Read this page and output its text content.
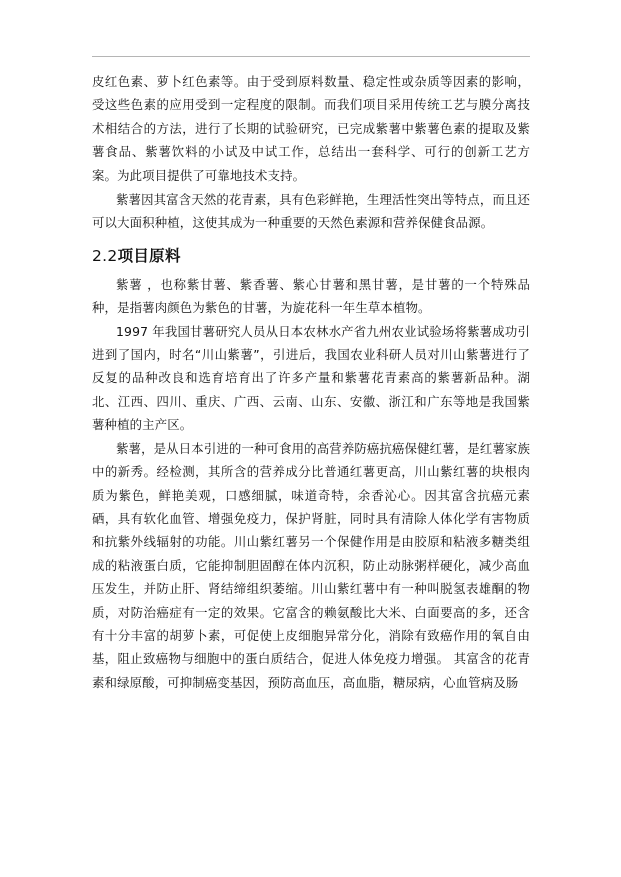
皮红色素、萝卜红色素等。由于受到原料数量、稳定性或杂质等因素的影响，受这些色素的应用受到一定程度的限制。而我们项目采用传统工艺与膜分离技术相结合的方法，进行了长期的试验研究，已完成紫薯中紫薯色素的提取及紫薯食品、紫薯饮料的小试及中试工作，总结出一套科学、可行的创新工艺方案。为此项目提供了可靠地技术支持。

紫薯因其富含天然的花青素，具有色彩鲜艳，生理活性突出等特点，而且还可以大面积种植，这使其成为一种重要的天然色素源和营养保健食品源。

2.2项目原料

紫薯 ，也称紫甘薯、紫香薯、紫心甘薯和黑甘薯，是甘薯的一个特殊品种，是指薯肉颜色为紫色的甘薯，为旋花科一年生草本植物。

1997 年我国甘薯研究人员从日本农林水产省九州农业试验场将紫薯成功引进到了国内，时名“川山紫薯”，引进后，我国农业科研人员对川山紫薯进行了反复的品种改良和选育培育出了许多产量和紫薯花青素高的紫薯新品种。湖北、江西、四川、重庆、广西、云南、山东、安徽、浙江和广东等地是我国紫薯种植的主产区。

紫薯，是从日本引进的一种可食用的高营养防癌抗癌保健红薯，是红薯家族中的新秀。经检测，其所含的营养成分比普通红薯更高，川山紫红薯的块根肉质为紫色，鲜艳美观，口感细腻，味道奇特，余香沁心。因其富含抗癌元素硒，具有软化血管、增强免疫力，保护肾脏，同时具有清除人体化学有害物质和抗紫外线辐射的功能。川山紫红薯另一个保健作用是由胶原和粘液多糖类组成的粘液蛋白质，它能抑制胆固醇在体内沉积，防止动脉粥样硬化，减少高血压发生，并防止肝、肾结缔组织萎缩。川山紫红薯中有一种叫脱氢表雄酮的物质，对防治癌症有一定的效果。它富含的赖氨酸比大米、白面要高的多，还含有十分丰富的胡萝卜素，可促使上皮细胞异常分化，消除有致癌作用的氧自由基，阻止致癌物与细胞中的蛋白质结合，促进人体免疫力增强。 其富含的花青素和绿原酸，可抑制癌变基因，预防高血压，高血脂，糖尿病，心血管病及肠
